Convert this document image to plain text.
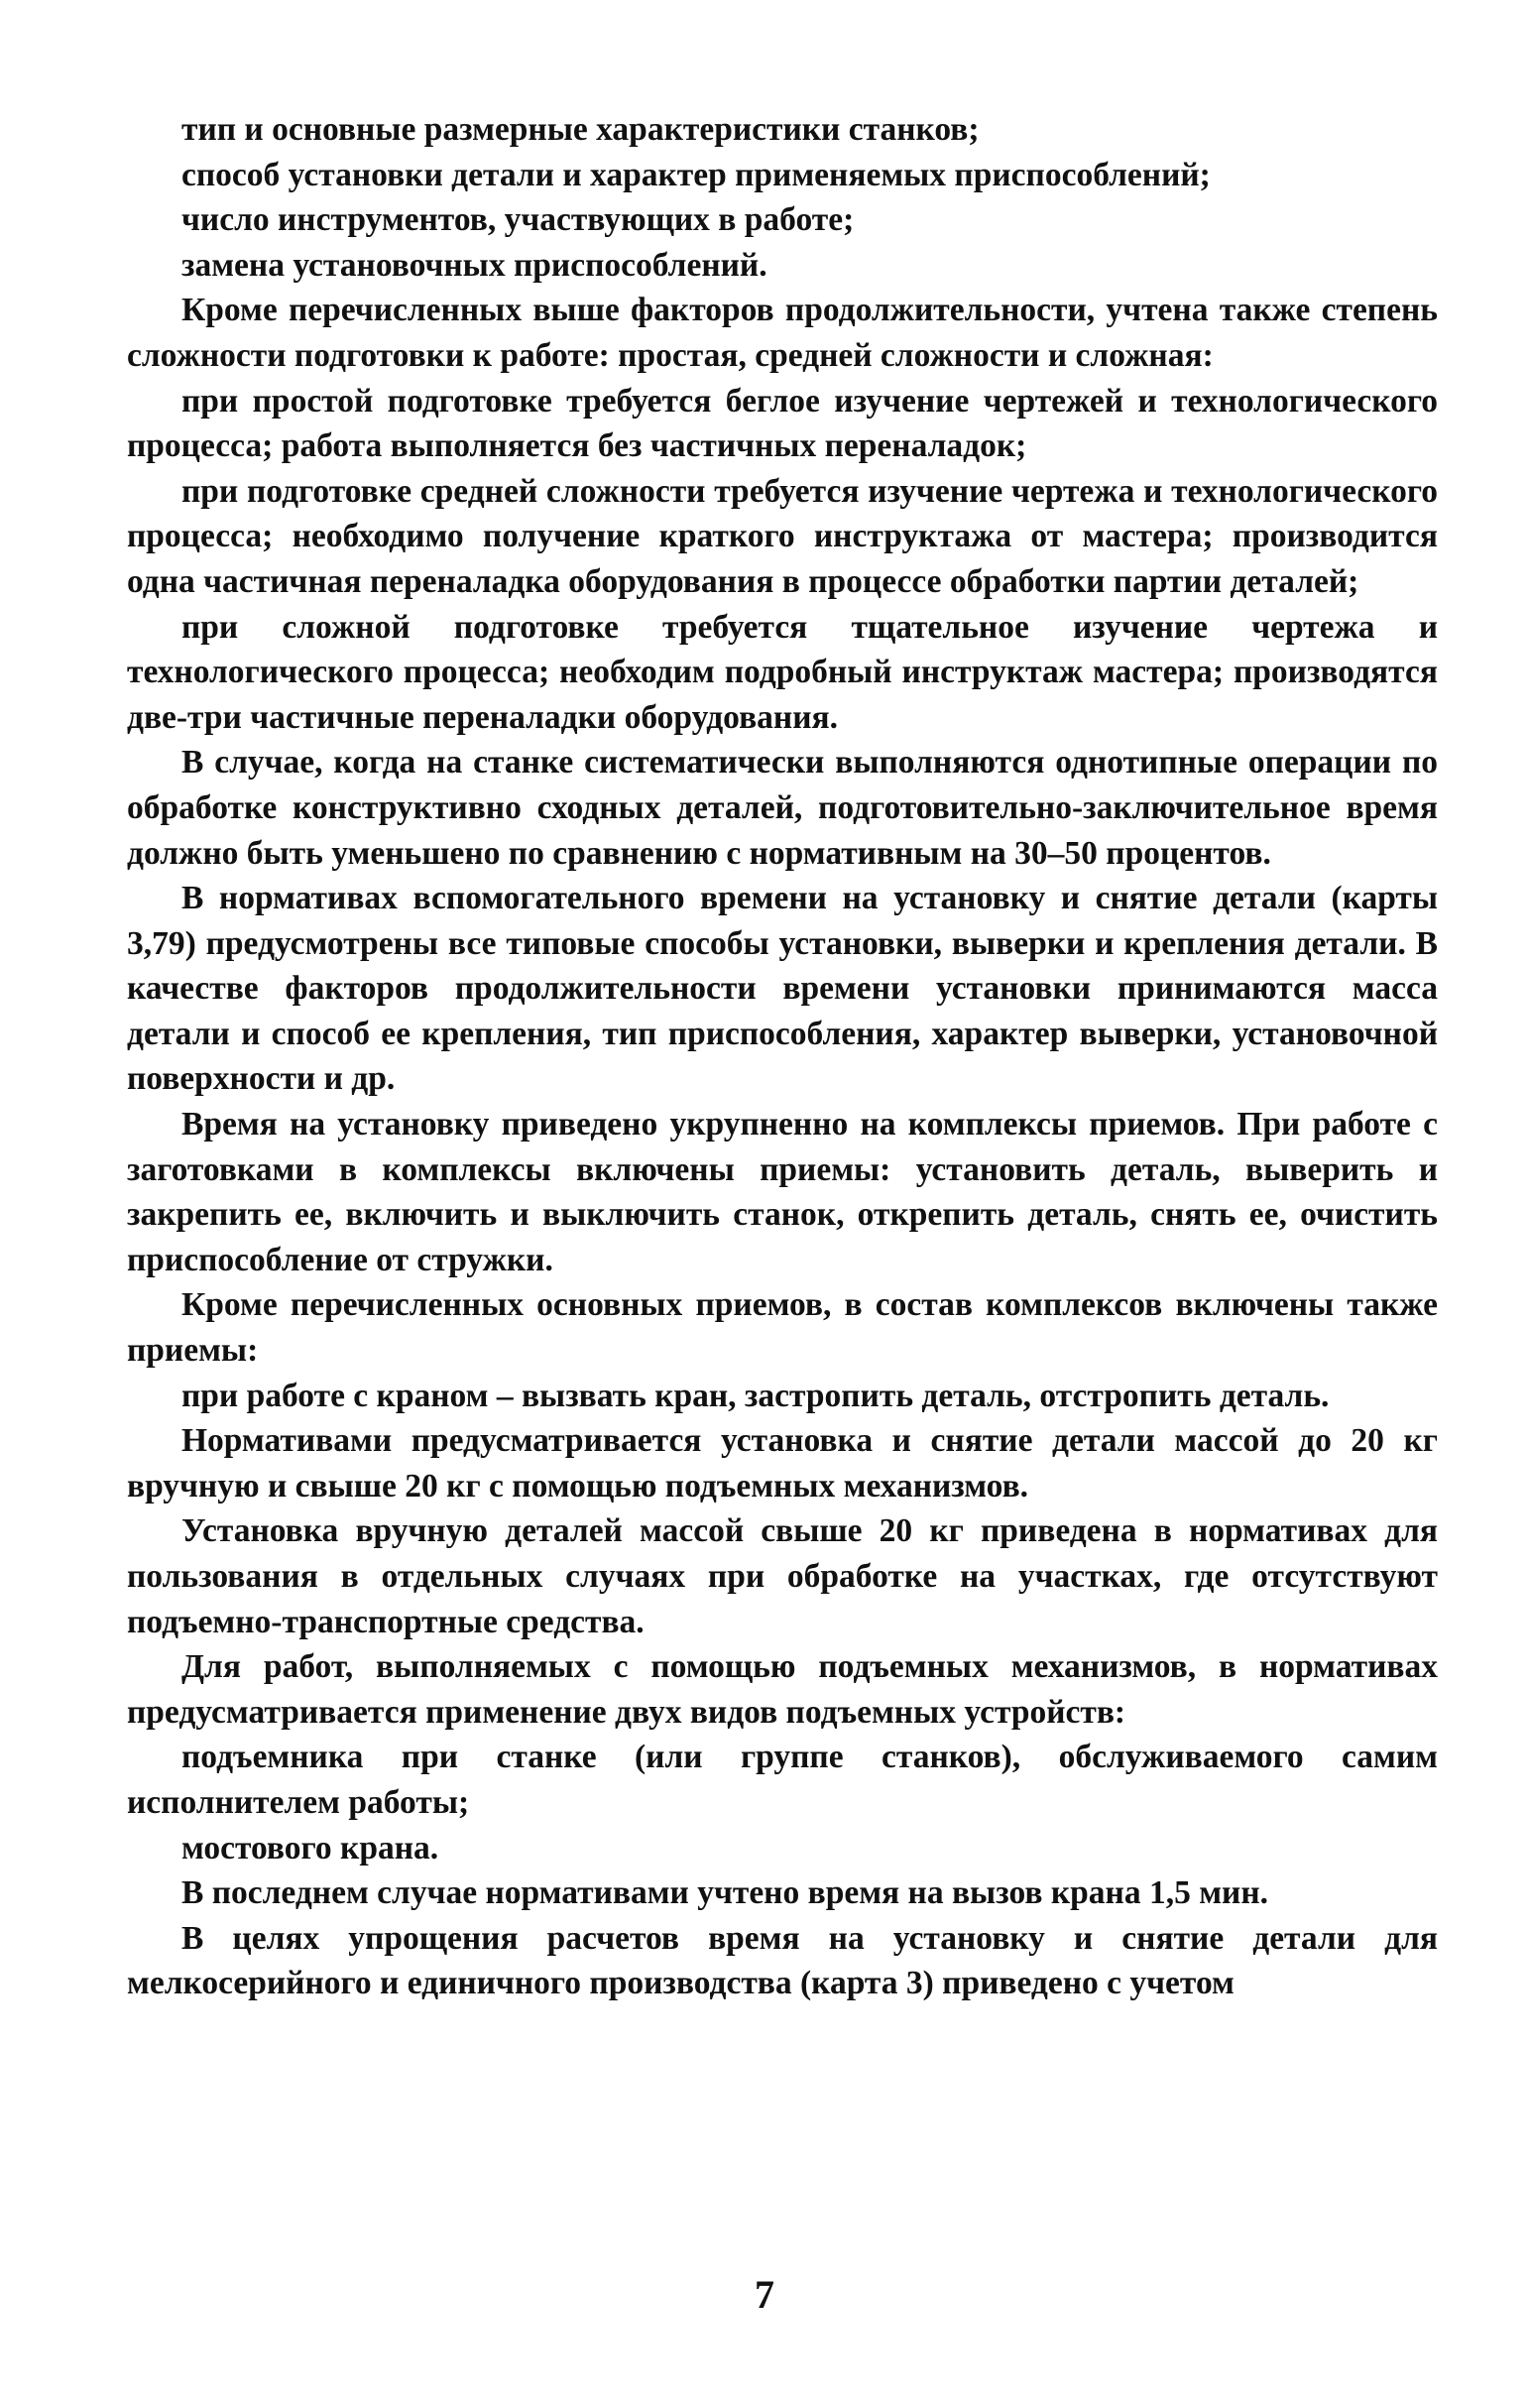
тип и основные размерные характеристики станков;

способ установки детали и характер применяемых приспособлений;

число инструментов, участвующих в работе;

замена установочных приспособлений.

Кроме перечисленных выше факторов продолжительности, учтена также степень сложности подготовки к работе: простая, средней сложности и сложная:

при простой подготовке требуется беглое изучение чертежей и технологического процесса; работа выполняется без частичных переналадок;

при подготовке средней сложности требуется изучение чертежа и технологического процесса; необходимо получение краткого инструктажа от мастера; производится одна частичная переналадка оборудования в процессе обработки партии деталей;

при сложной подготовке требуется тщательное изучение чертежа и технологического процесса; необходим подробный инструктаж мастера; производятся две-три частичные переналадки оборудования.

В случае, когда на станке систематически выполняются однотипные операции по обработке конструктивно сходных деталей, подготовительно-заключительное время должно быть уменьшено по сравнению с нормативным на 30–50 процентов.

В нормативах вспомогательного времени на установку и снятие детали (карты 3,79) предусмотрены все типовые способы установки, выверки и крепления детали. В качестве факторов продолжительности времени установки принимаются масса детали и способ ее крепления, тип приспособления, характер выверки, установочной поверхности и др.

Время на установку приведено укрупненно на комплексы приемов. При работе с заготовками в комплексы включены приемы: установить деталь, выверить и закрепить ее, включить и выключить станок, открепить деталь, снять ее, очистить приспособление от стружки.

Кроме перечисленных основных приемов, в состав комплексов включены также приемы:

при работе с краном – вызвать кран, застропить деталь, отстропить деталь.

Нормативами предусматривается установка и снятие детали массой до 20 кг вручную и свыше 20 кг с помощью подъемных механизмов.

Установка вручную деталей массой свыше 20 кг приведена в нормативах для пользования в отдельных случаях при обработке на участках, где отсутствуют подъемно-транспортные средства.

Для работ, выполняемых с помощью подъемных механизмов, в нормативах предусматривается применение двух видов подъемных устройств:

подъемника при станке (или группе станков), обслуживаемого самим исполнителем работы;

мостового крана.

В последнем случае нормативами учтено время на вызов крана 1,5 мин.

В целях упрощения расчетов время на установку и снятие детали для мелкосерийного и единичного производства (карта 3) приведено с учетом

7
